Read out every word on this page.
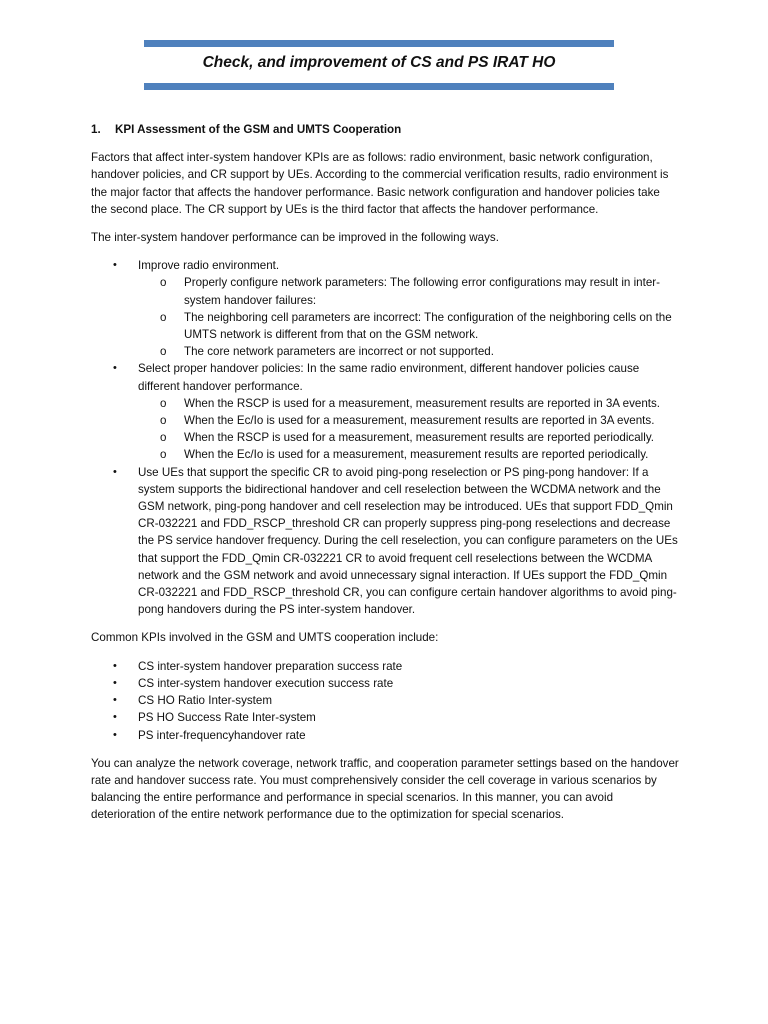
Check, and improvement of CS and PS IRAT HO
1.	KPI Assessment of the GSM and UMTS Cooperation

Factors that affect inter-system handover KPIs are as follows: radio environment, basic network configuration, handover policies, and CR support by UEs. According to the commercial verification results, radio environment is the major factor that affects the handover performance. Basic network configuration and handover policies take the second place. The CR support by UEs is the third factor that affects the handover performance.

The inter-system handover performance can be improved in the following ways.

• Improve radio environment.
o Properly configure network parameters: The following error configurations may result in inter-system handover failures:
o The neighboring cell parameters are incorrect: The configuration of the neighboring cells on the UMTS network is different from that on the GSM network.
o The core network parameters are incorrect or not supported.
• Select proper handover policies: In the same radio environment, different handover policies cause different handover performance.
o When the RSCP is used for a measurement, measurement results are reported in 3A events.
o When the Ec/Io is used for a measurement, measurement results are reported in 3A events.
o When the RSCP is used for a measurement, measurement results are reported periodically.
o When the Ec/Io is used for a measurement, measurement results are reported periodically.
• Use UEs that support the specific CR to avoid ping-pong reselection or PS ping-pong handover: If a system supports the bidirectional handover and cell reselection between the WCDMA network and the GSM network, ping-pong handover and cell reselection may be introduced. UEs that support FDD_Qmin CR-032221 and FDD_RSCP_threshold CR can properly suppress ping-pong reselections and decrease the PS service handover frequency. During the cell reselection, you can configure parameters on the UEs that support the FDD_Qmin CR-032221 CR to avoid frequent cell reselections between the WCDMA network and the GSM network and avoid unnecessary signal interaction. If UEs support the FDD_Qmin CR-032221 and FDD_RSCP_threshold CR, you can configure certain handover algorithms to avoid ping-pong handovers during the PS inter-system handover.

Common KPIs involved in the GSM and UMTS cooperation include:

• CS inter-system handover preparation success rate
• CS inter-system handover execution success rate
• CS HO Ratio Inter-system
• PS HO Success Rate Inter-system
• PS inter-frequencyhandover rate

You can analyze the network coverage, network traffic, and cooperation parameter settings based on the handover rate and handover success rate. You must comprehensively consider the cell coverage in various scenarios by balancing the entire performance and performance in special scenarios. In this manner, you can avoid deterioration of the entire network performance due to the optimization for special scenarios.
